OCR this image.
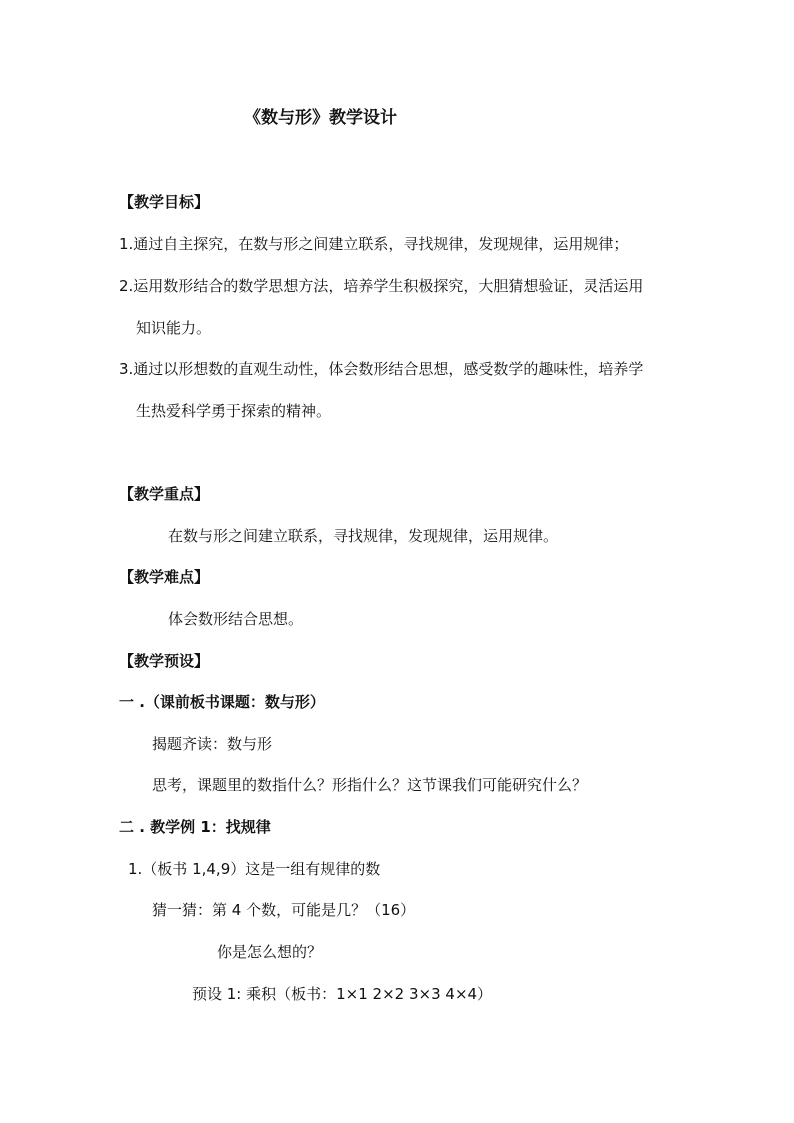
《数与形》教学设计
【教学目标】
1.通过自主探究，在数与形之间建立联系，寻找规律，发现规律，运用规律；
2.运用数形结合的数学思想方法，培养学生积极探究，大胆猜想验证，灵活运用
知识能力。
3.通过以形想数的直观生动性，体会数形结合思想，感受数学的趣味性，培养学
生热爱科学勇于探索的精神。
【教学重点】
在数与形之间建立联系，寻找规律，发现规律，运用规律。
【教学难点】
体会数形结合思想。
【教学预设】
一 .（课前板书课题：数与形）
揭题齐读：数与形
思考，课题里的数指什么？形指什么？这节课我们可能研究什么？
二 . 教学例 1：找规律
1.（板书 1,4,9）这是一组有规律的数
猜一猜：第 4 个数，可能是几？（16）
你是怎么想的？
预设 1: 乘积（板书：1×1 2×2 3×3 4×4）
